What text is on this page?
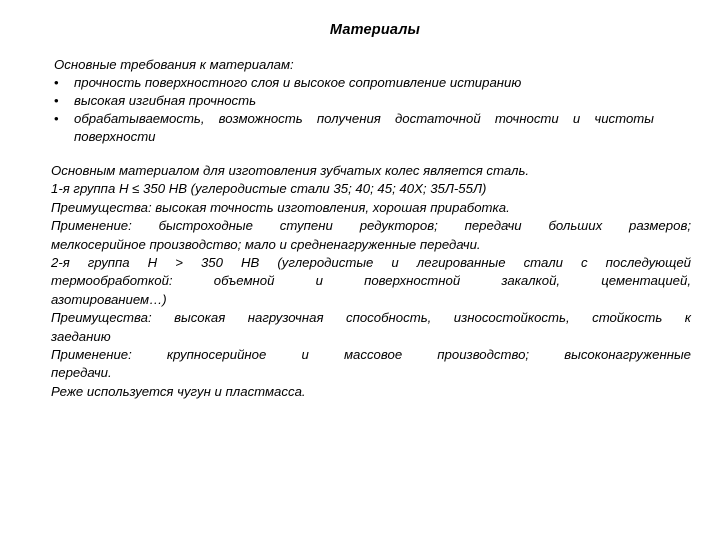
Материалы

Основные требования к материалам:

• прочность поверхностного слоя и высокое сопротивление истиранию
• высокая изгибная прочность
• обрабатываемость, возможность получения достаточной точности и чистоты поверхности

Основным материалом для изготовления зубчатых колес является сталь.

1-я группа H ≤ 350 HB (углеродистые стали 35; 40; 45; 40Х; 35Л-55Л)

Преимущества: высокая точность изготовления, хорошая приработка.

Применение: быстроходные ступени редукторов; передачи больших размеров;

мелкосерийное производство; мало и средненагруженные передачи.

2-я группа H > 350 HB (углеродистые и легированные стали с последующей

термообработкой: объемной и поверхностной закалкой, цементацией,

азотированием…)

Преимущества: высокая нагрузочная способность, износостойкость, стойкость к

заеданию

Применение: крупносерийное и массовое производство; высоконагруженные

передачи.

Реже используется чугун и пластмасса.
